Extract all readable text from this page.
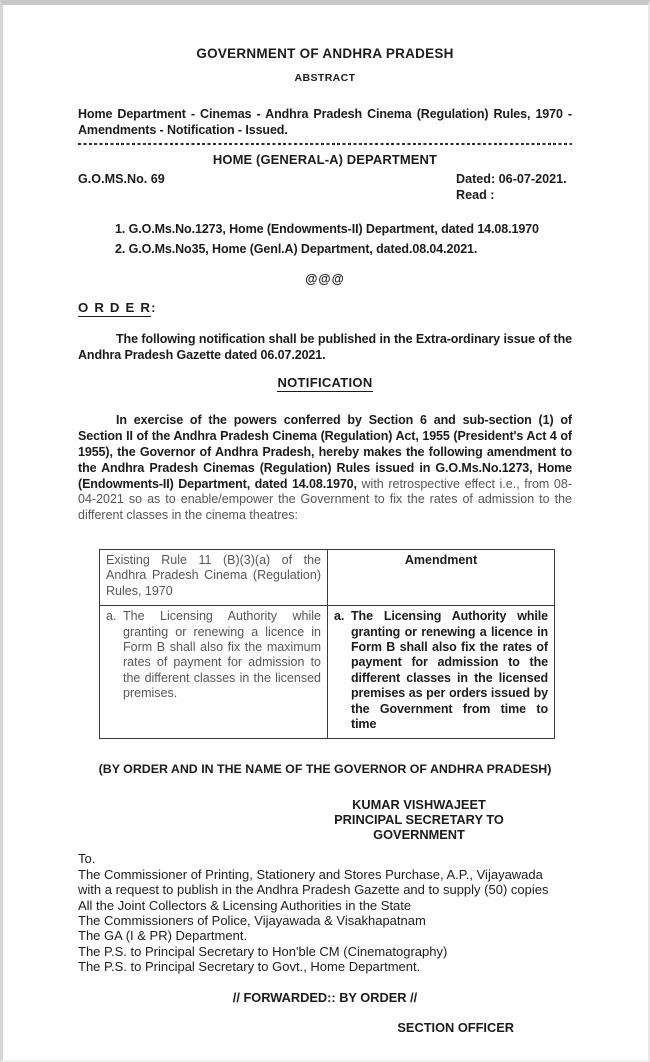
GOVERNMENT OF ANDHRA PRADESH
ABSTRACT

Home Department - Cinemas - Andhra Pradesh Cinema (Regulation) Rules, 1970 - Amendments - Notification - Issued.

HOME (GENERAL-A) DEPARTMENT
G.O.MS.No. 69	Dated: 06-07-2021.
Read :
1. G.O.Ms.No.1273, Home (Endowments-II) Department, dated 14.08.1970
2. G.O.Ms.No35, Home (Genl.A) Department, dated.08.04.2021.
@@@
O R D E R:

The following notification shall be published in the Extra-ordinary issue of the Andhra Pradesh Gazette dated 06.07.2021.

NOTIFICATION

In exercise of the powers conferred by Section 6 and sub-section (1) of Section II of the Andhra Pradesh Cinema (Regulation) Act, 1955 (President's Act 4 of 1955), the Governor of Andhra Pradesh, hereby makes the following amendment to the Andhra Pradesh Cinemas (Regulation) Rules issued in G.O.Ms.No.1273, Home (Endowments-II) Department, dated 14.08.1970, with retrospective effect i.e., from 08-04-2021 so as to enable/empower the Government to fix the rates of admission to the different classes in the cinema theatres:

Existing Rule 11 (B)(3)(a) of the Andhra Pradesh Cinema (Regulation) Rules, 1970	Amendment

a. The Licensing Authority while granting or renewing a licence in Form B shall also fix the maximum rates of payment for admission to the different classes in the licensed premises.	a. The Licensing Authority while granting or renewing a licence in Form B shall also fix the rates of payment for admission to the different classes in the licensed premises as per orders issued by the Government from time to time
(BY ORDER AND IN THE NAME OF THE GOVERNOR OF ANDHRA PRADESH)
KUMAR VISHWAJEET
PRINCIPAL SECRETARY TO GOVERNMENT
To.
The Commissioner of Printing, Stationery and Stores Purchase, A.P., Vijayawada
with a request to publish in the Andhra Pradesh Gazette and to supply (50) copies
All the Joint Collectors & Licensing Authorities in the State
The Commissioners of Police, Vijayawada & Visakhapatnam
The GA (I & PR) Department.
The P.S. to Principal Secretary to Hon'ble CM (Cinematography)
The P.S. to Principal Secretary to Govt., Home Department.
// FORWARDED:: BY ORDER //
SECTION OFFICER
